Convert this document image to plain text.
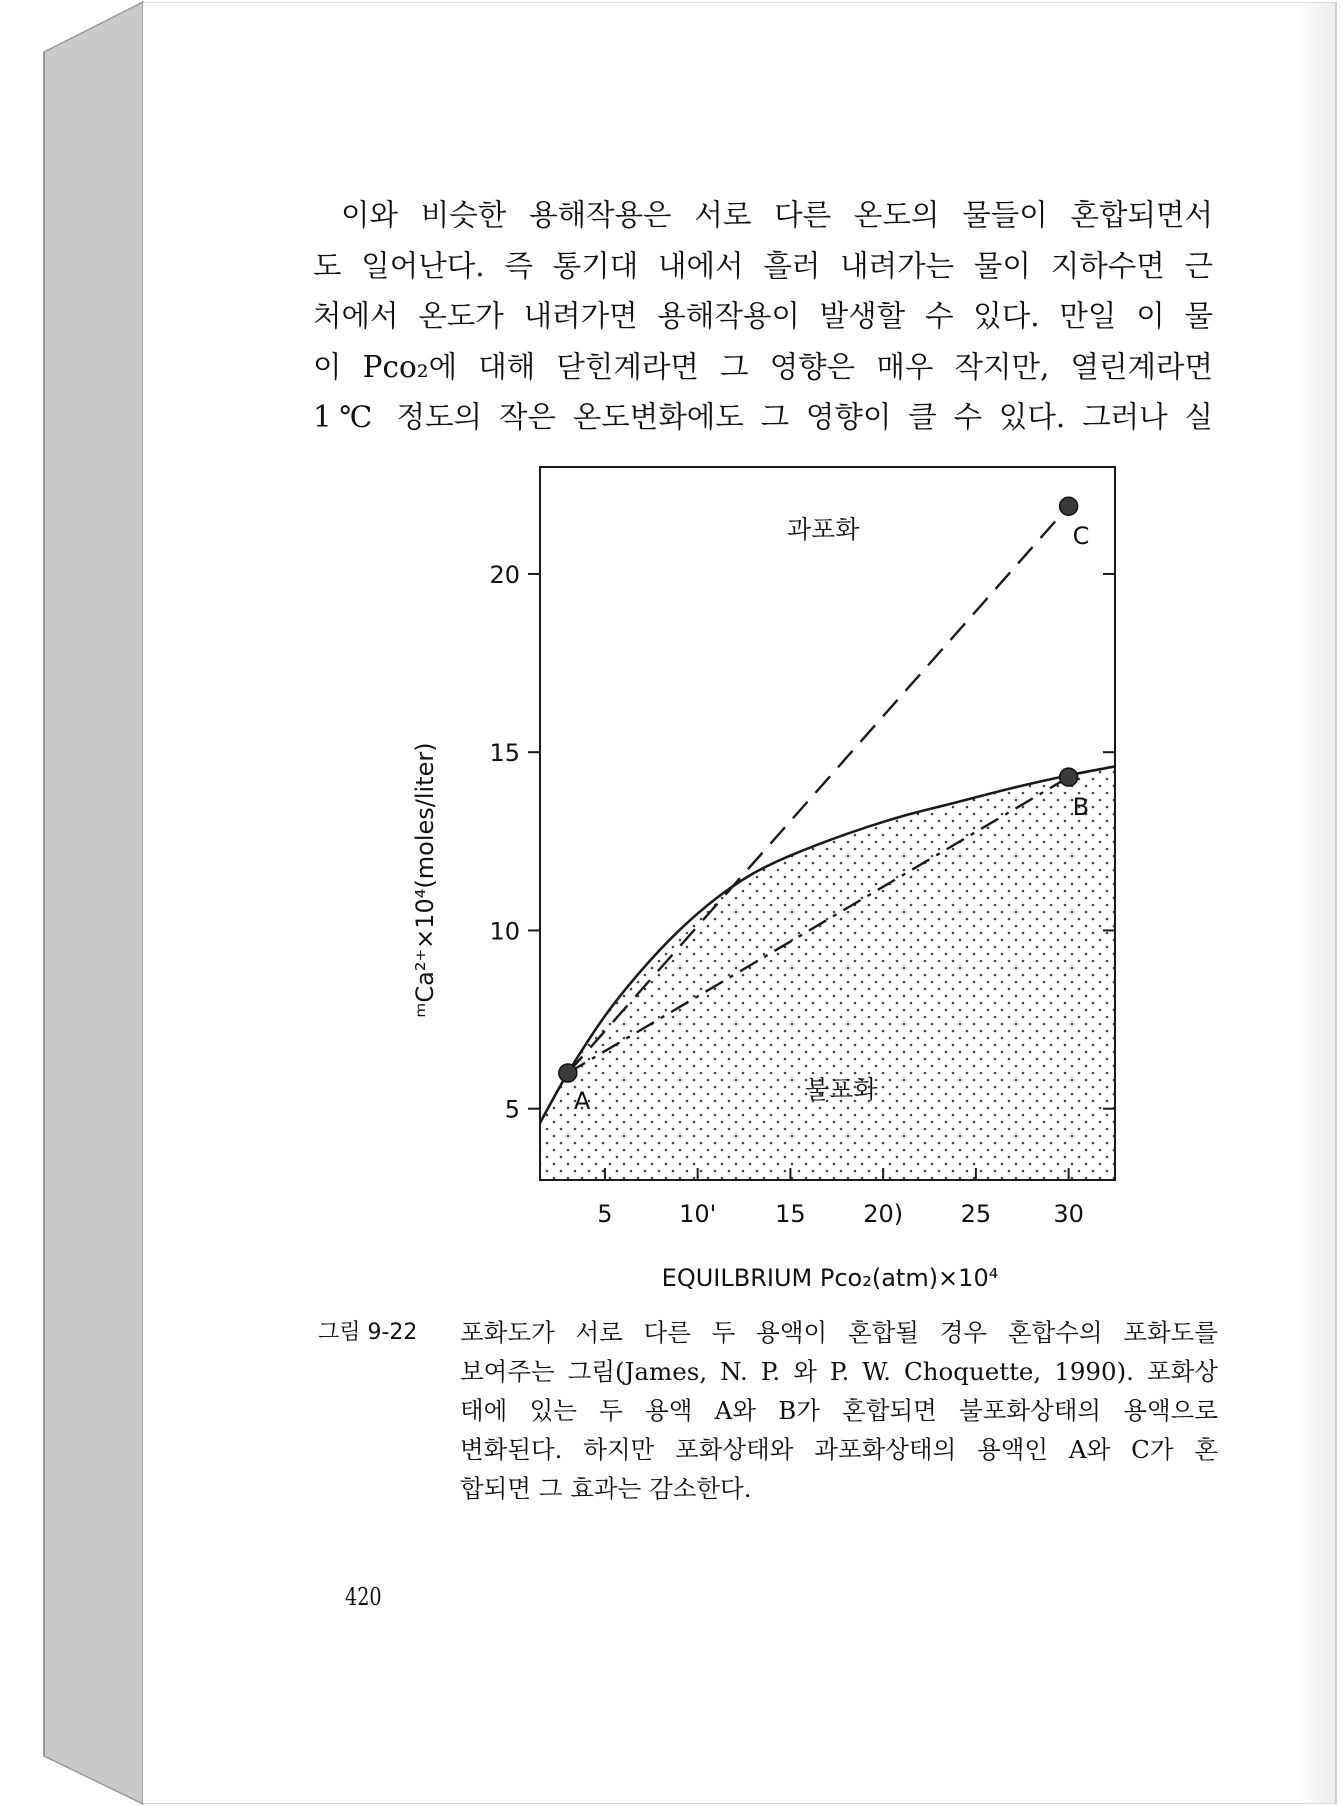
이와 비슷한 용해작용은 서로 다른 온도의 물들이 혼합되면서
도 일어난다. 즉 통기대 내에서 흘러 내려가는 물이 지하수면 근
처에서 온도가 내려가면 용해작용이 발생할 수 있다. 만일 이 물
이 Pco₂에 대해 닫힌계라면 그 영향은 매우 작지만, 열린계라면
1℃ 정도의 작은 온도변화에도 그 영향이 클 수 있다. 그러나 실
5	10' 15 20) 25	30
5
10
15
20
A
B
C
과포화
불포화
EQUILBRIUM Pco₂(atm)×10⁴
ᵐCa²⁺×10⁴(moles/liter)
그림 9-22 포화도가 서로 다른 두 용액이 혼합될 경우 혼합수의 포화도를
보여주는 그림(James, N. P. 와 P. W. Choquette, 1990). 포화상
태에 있는 두 용액 A와 B가 혼합되면 불포화상태의 용액으로
변화된다. 하지만 포화상태와 과포화상태의 용액인 A와 C가 혼
합되면 그 효과는 감소한다.
420
